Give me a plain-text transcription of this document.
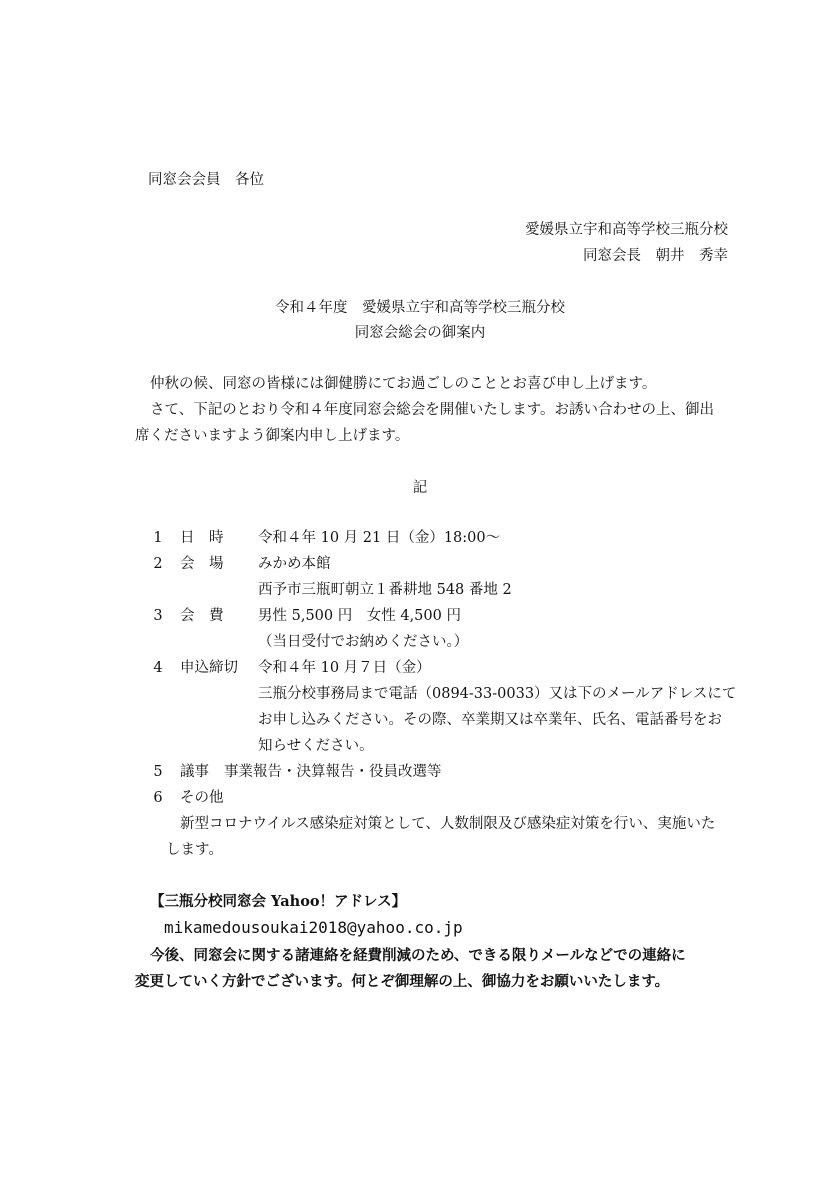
同窓会会員　各位
愛媛県立宇和高等学校三瓶分校
同窓会長　朝井　秀幸
令和４年度　愛媛県立宇和高等学校三瓶分校
同窓会総会の御案内
仲秋の候、同窓の皆様には御健勝にてお過ごしのこととお喜び申し上げます。
さて、下記のとおり令和４年度同窓会総会を開催いたします。お誘い合わせの上、御出
席くださいますよう御案内申し上げます。
記
1 日　時 令和４年 10 月 21 日（金）18:00～
2 会　場 みかめ本館
西予市三瓶町朝立１番耕地 548 番地 2
3 会　費 男性 5,500 円　女性 4,500 円
（当日受付でお納めください。）
4 申込締切 令和４年 10 月７日（金）
三瓶分校事務局まで電話（0894-33-0033）又は下のメールアドレスにて
お申し込みください。その際、卒業期又は卒業年、氏名、電話番号をお
知らせください。
5 議事 事業報告・決算報告・役員改選等
6 その他
新型コロナウイルス感染症対策として、人数制限及び感染症対策を行い、実施いた
します。
【三瓶分校同窓会 Yahoo！アドレス】
mikamedousoukai2018@yahoo.co.jp
今後、同窓会に関する諸連絡を経費削減のため、できる限りメールなどでの連絡に
変更していく方針でございます。何とぞ御理解の上、御協力をお願いいたします。
